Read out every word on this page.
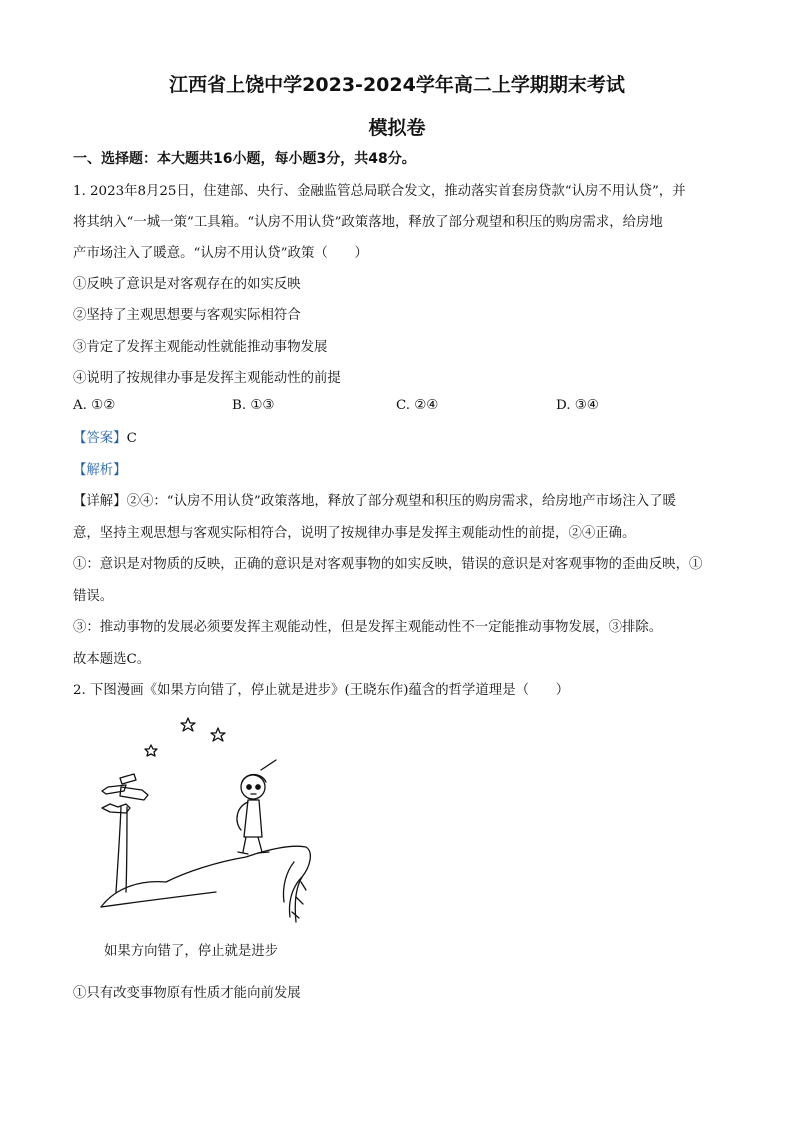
江西省上饶中学2023-2024学年高二上学期期末考试
模拟卷
一、选择题：本大题共16小题，每小题3分，共48分。
1. 2023年8月25日，住建部、央行、金融监管总局联合发文，推动落实首套房贷款“认房不用认贷”，并
将其纳入“一城一策”工具箱。“认房不用认贷”政策落地，释放了部分观望和积压的购房需求，给房地
产市场注入了暖意。“认房不用认贷”政策（　　）
①反映了意识是对客观存在的如实反映
②坚持了主观思想要与客观实际相符合
③肯定了发挥主观能动性就能推动事物发展
④说明了按规律办事是发挥主观能动性的前提
A. ①②	B. ①③	C. ②④	D. ③④
【答案】C
【解析】
【详解】②④：“认房不用认贷”政策落地，释放了部分观望和积压的购房需求，给房地产市场注入了暖
意，坚持主观思想与客观实际相符合，说明了按规律办事是发挥主观能动性的前提，②④正确。
①：意识是对物质的反映，正确的意识是对客观事物的如实反映，错误的意识是对客观事物的歪曲反映，①
错误。
③：推动事物的发展必须要发挥主观能动性，但是发挥主观能动性不一定能推动事物发展，③排除。
故本题选C。
2. 下图漫画《如果方向错了，停止就是进步》(王晓东作)蕴含的哲学道理是（　　）
如果方向错了，停止就是进步
①只有改变事物原有性质才能向前发展
